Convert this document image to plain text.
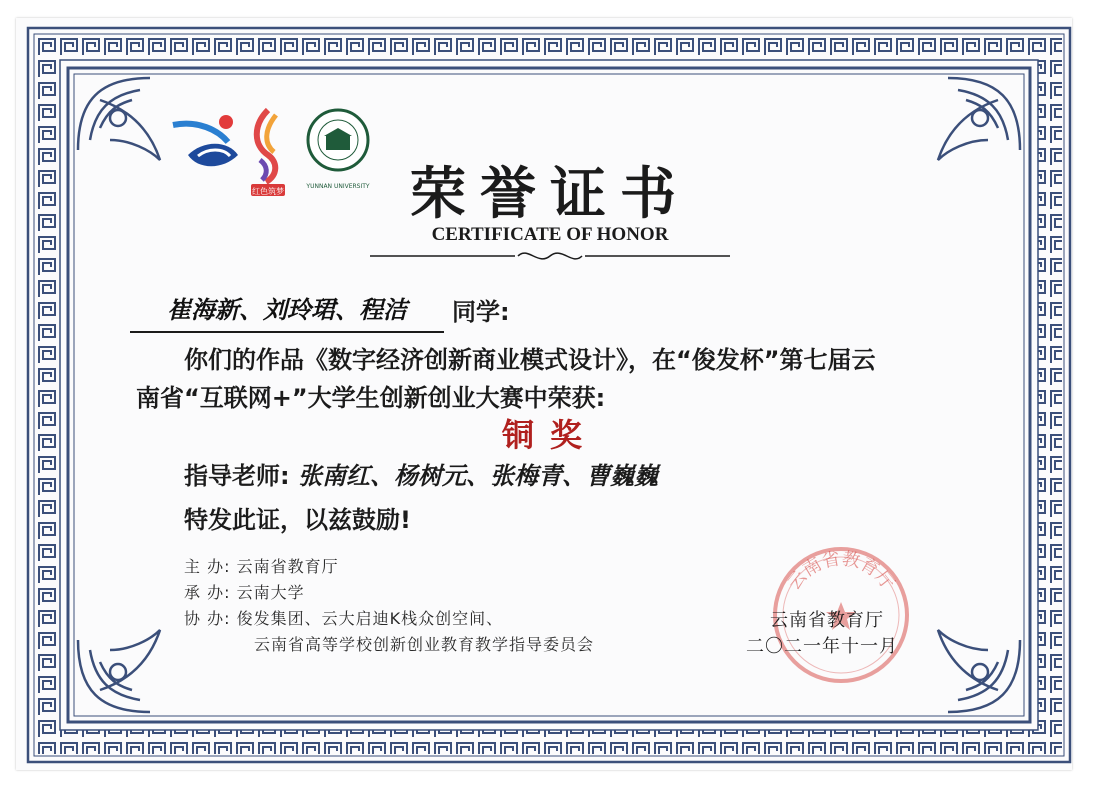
红色筑梦
YUNNAN UNIVERSITY 荣誉证书
CERTIFICATE OF HONOR
崔海新、刘玲珺、程洁	同学:
你们的作品《数字经济创新商业模式设计》，在“俊发杯”第七届云
南省“互联网+”大学生创新创业大赛中荣获:
铜奖
指导老师: 张南红、杨树元、张梅青、曹巍巍
特发此证，以兹鼓励!
主 办: 云南省教育厅
承 办: 云南大学
协 办: 俊发集团、云大启迪K栈众创空间、
云南省高等学校创新创业教育教学指导委员会
云南省教育厅
云南省教育厅
二〇二一年十一月
